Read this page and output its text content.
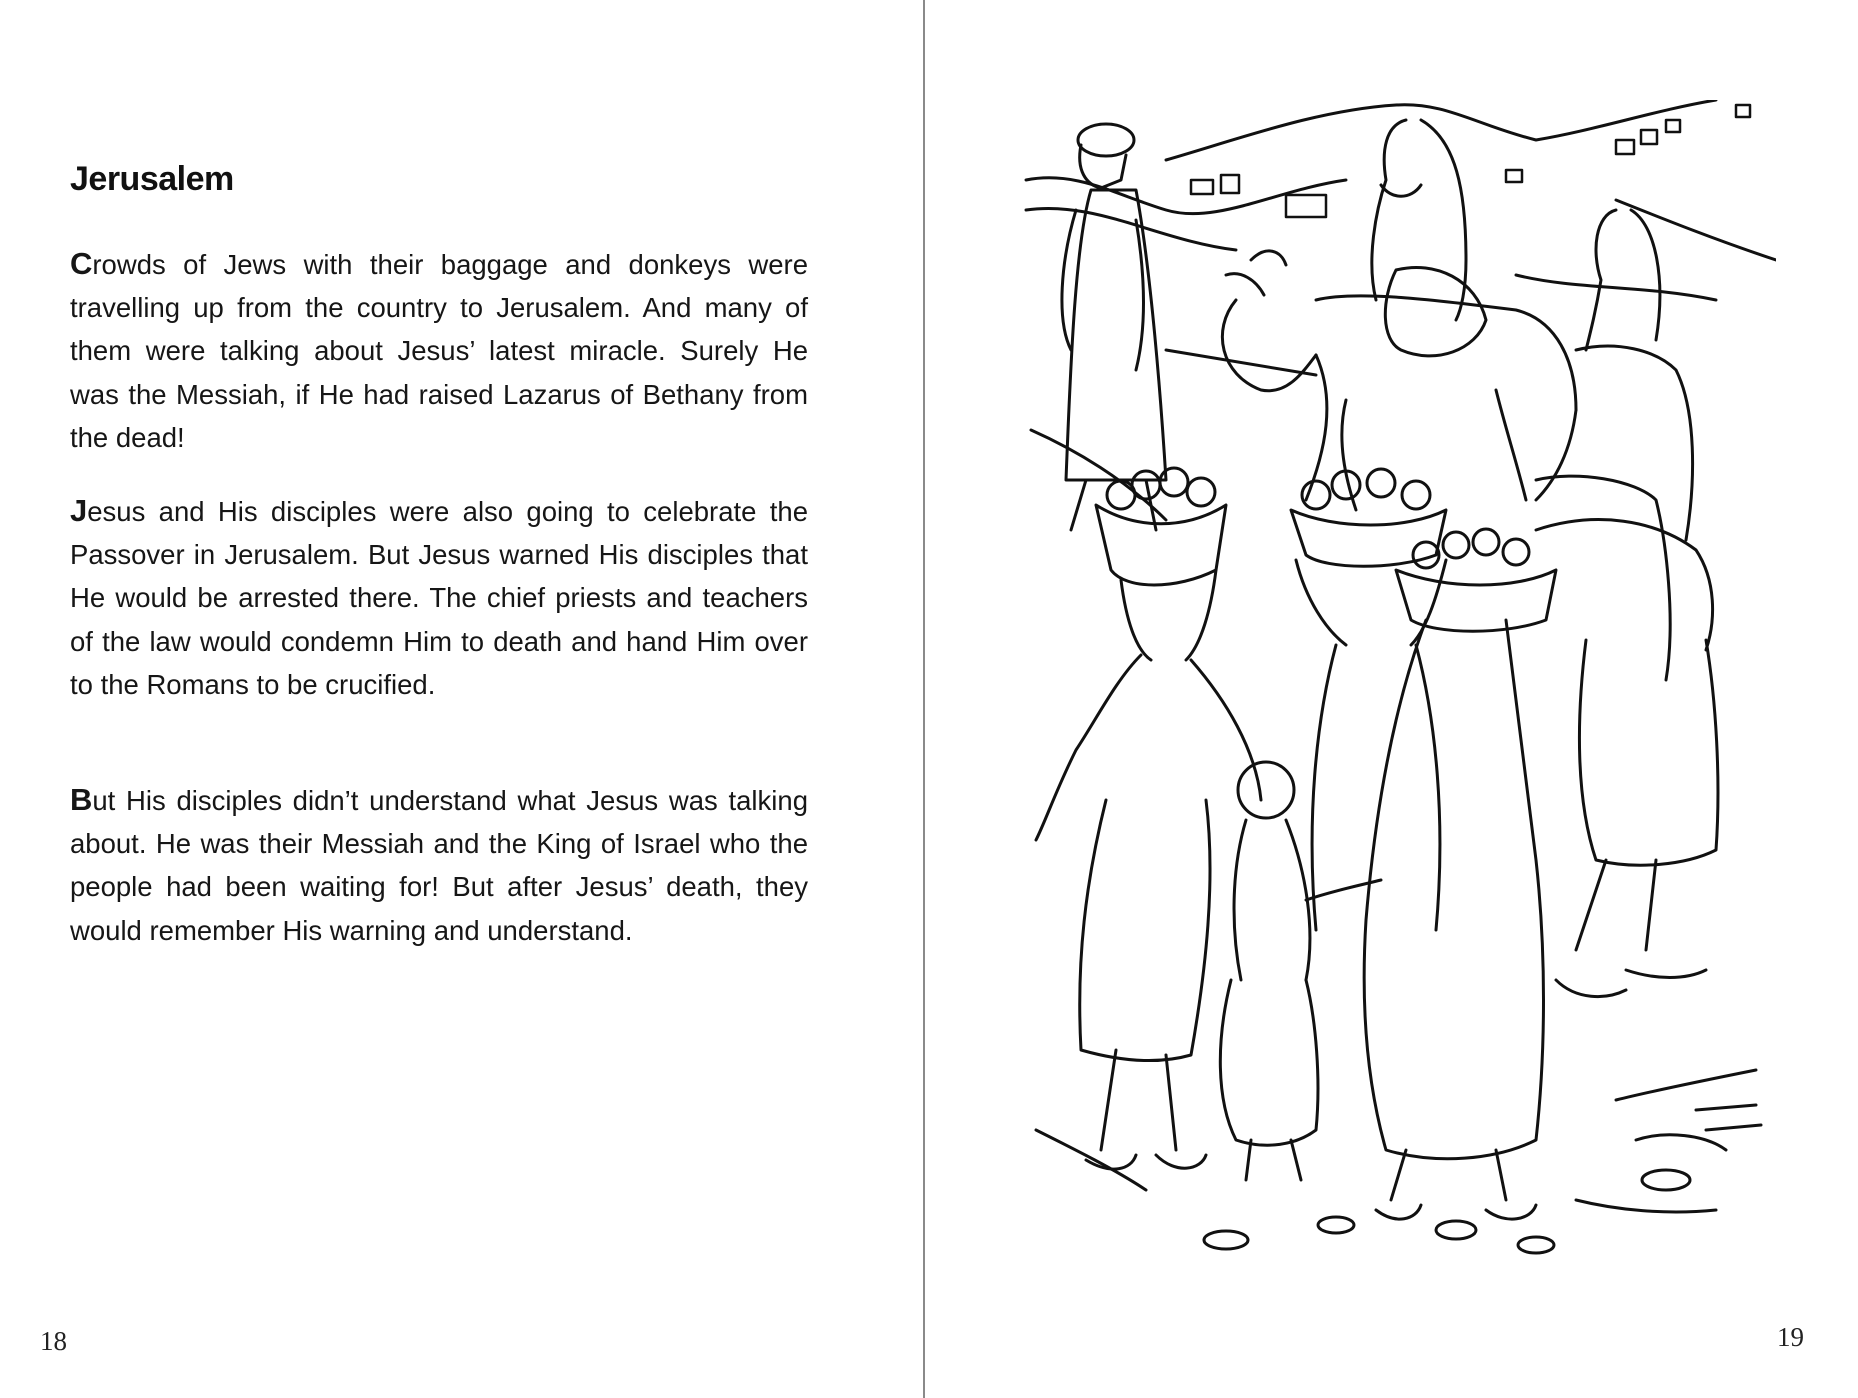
Jerusalem

Crowds of Jews with their baggage and donkeys were travelling up from the country to Jerusalem. And many of them were talking about Jesus’ latest miracle. Surely He was the Messiah, if He had raised Lazarus of Bethany from the dead!

Jesus and His disciples were also going to celebrate the Passover in Jerusalem. But Jesus warned His disciples that He would be arrested there. The chief priests and teachers of the law would condemn Him to death and hand Him over to the Romans to be crucified.

But His disciples didn’t understand what Jesus was talking about. He was their Messiah and the King of Israel who the people had been waiting for! But after Jesus’ death, they would remember His warning and understand.

18	19
